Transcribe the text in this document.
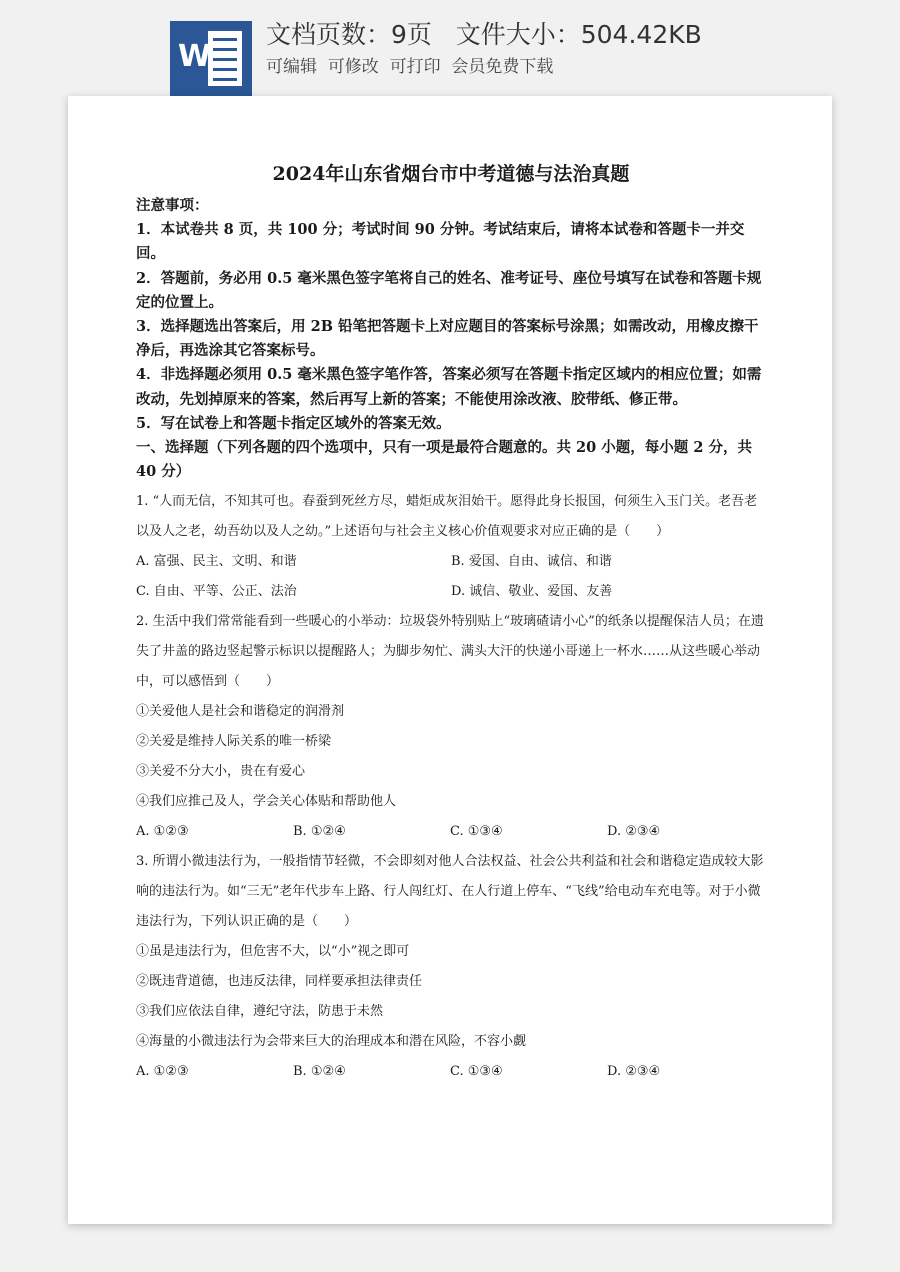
W
文档页数：9页   文件大小：504.42KB
可编辑  可修改  可打印  会员免费下载
2024年山东省烟台市中考道德与法治真题

注意事项：

1．本试卷共 8 页，共 100 分；考试时间 90 分钟。考试结束后，请将本试卷和答题卡一并交回。

2．答题前，务必用 0.5 毫米黑色签字笔将自己的姓名、准考证号、座位号填写在试卷和答题卡规定的位置上。

3．选择题选出答案后，用 2B 铅笔把答题卡上对应题目的答案标号涂黑；如需改动，用橡皮擦干净后，再选涂其它答案标号。

4．非选择题必须用 0.5 毫米黑色签字笔作答，答案必须写在答题卡指定区域内的相应位置；如需改动，先划掉原来的答案，然后再写上新的答案；不能使用涂改液、胶带纸、修正带。

5．写在试卷上和答题卡指定区域外的答案无效。

一、选择题（下列各题的四个选项中，只有一项是最符合题意的。共 20 小题，每小题 2 分，共 40 分）

1. “人而无信，不知其可也。春蚕到死丝方尽，蜡炬成灰泪始干。愿得此身长报国，何须生入玉门关。老吾老以及人之老，幼吾幼以及人之幼。”上述语句与社会主义核心价值观要求对应正确的是（　　）

A. 富强、民主、文明、和谐	B. 爱国、自由、诚信、和谐
C. 自由、平等、公正、法治	D. 诚信、敬业、爱国、友善

2. 生活中我们常常能看到一些暖心的小举动：垃圾袋外特别贴上“玻璃碴请小心”的纸条以提醒保洁人员；在遗失了井盖的路边竖起警示标识以提醒路人；为脚步匆忙、满头大汗的快递小哥递上一杯水……从这些暖心举动中，可以感悟到（　　）

①关爱他人是社会和谐稳定的润滑剂

②关爱是维持人际关系的唯一桥梁

③关爱不分大小，贵在有爱心

④我们应推己及人，学会关心体贴和帮助他人

A. ①②③	B. ①②④	C. ①③④	D. ②③④

3. 所谓小微违法行为，一般指情节轻微，不会即刻对他人合法权益、社会公共利益和社会和谐稳定造成较大影响的违法行为。如“三无”老年代步车上路、行人闯红灯、在人行道上停车、“飞线”给电动车充电等。对于小微违法行为，下列认识正确的是（　　）

①虽是违法行为，但危害不大，以“小”视之即可

②既违背道德，也违反法律，同样要承担法律责任

③我们应依法自律，遵纪守法，防患于未然

④海量的小微违法行为会带来巨大的治理成本和潜在风险，不容小觑

A. ①②③	B. ①②④	C. ①③④	D. ②③④
